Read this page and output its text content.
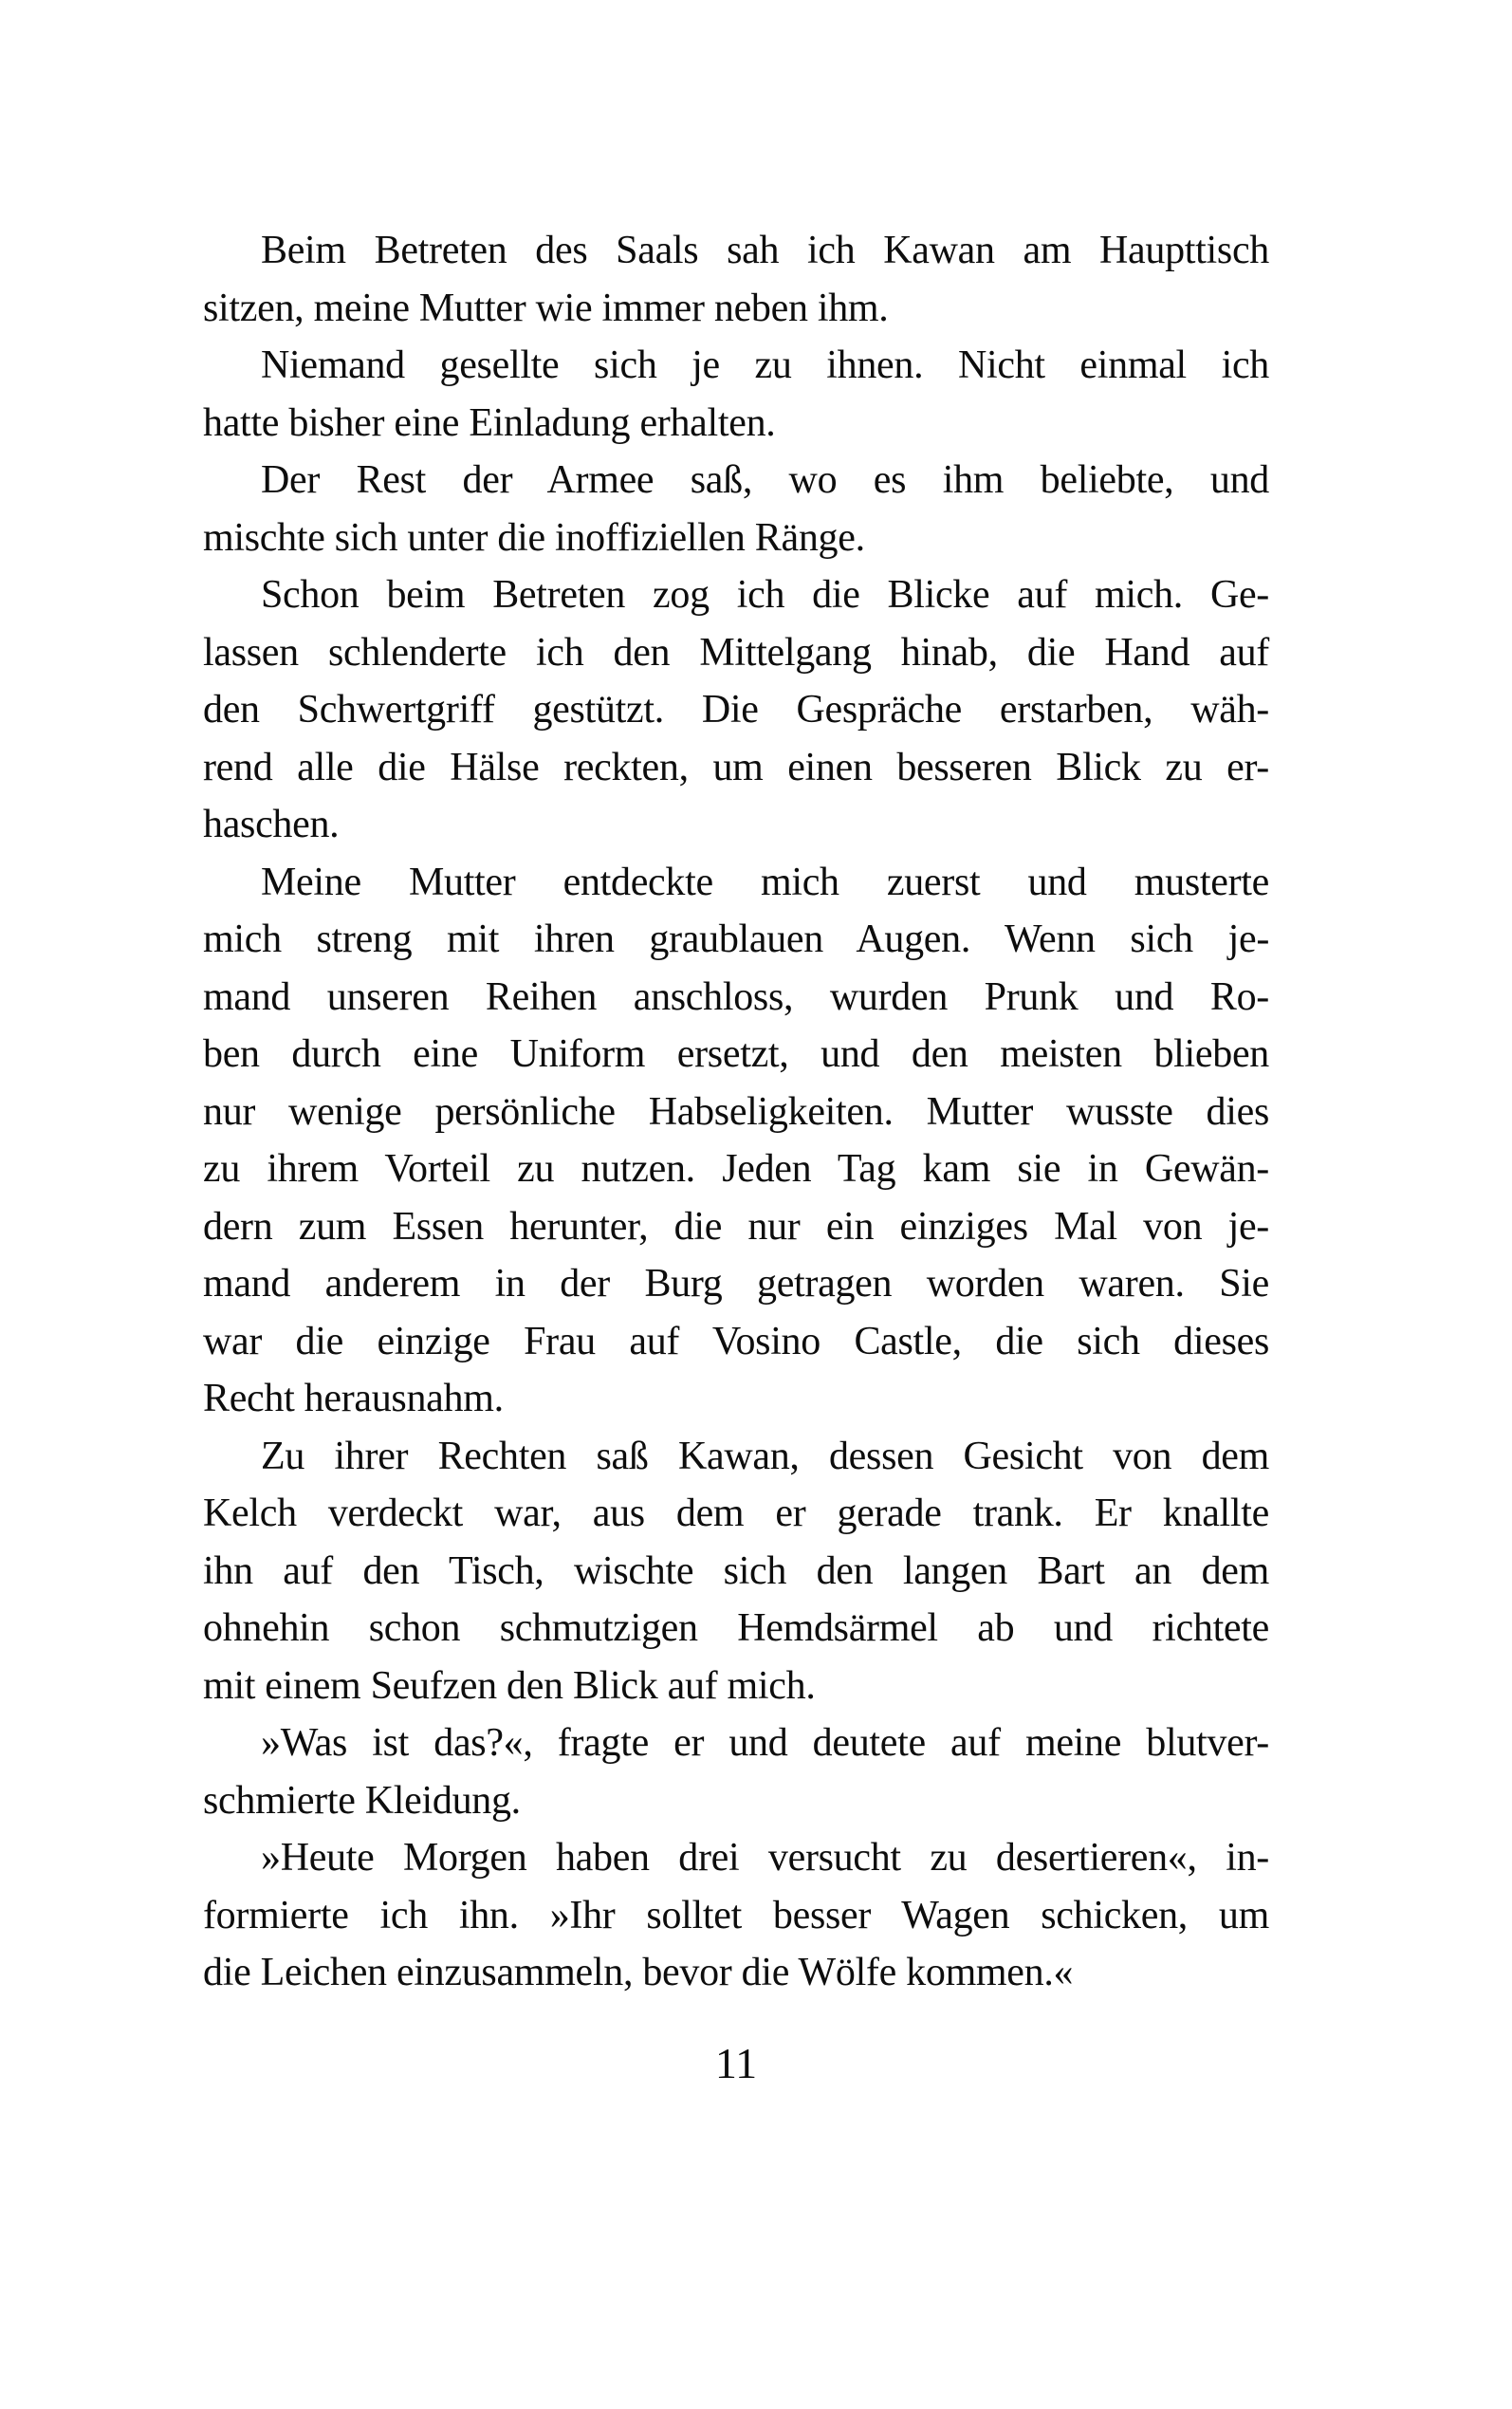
Beim Betreten des Saals sah ich Kawan am Haupttisch
sitzen, meine Mutter wie immer neben ihm.
Niemand gesellte sich je zu ihnen. Nicht einmal ich
hatte bisher eine Einladung erhalten.
Der Rest der Armee saß, wo es ihm beliebte, und
mischte sich unter die inoffiziellen Ränge.
Schon beim Betreten zog ich die Blicke auf mich. Ge-
lassen schlenderte ich den Mittelgang hinab, die Hand auf
den Schwertgriff gestützt. Die Gespräche erstarben, wäh-
rend alle die Hälse reckten, um einen besseren Blick zu er-
haschen.
Meine Mutter entdeckte mich zuerst und musterte
mich streng mit ihren graublauen Augen. Wenn sich je-
mand unseren Reihen anschloss, wurden Prunk und Ro-
ben durch eine Uniform ersetzt, und den meisten blieben
nur wenige persönliche Habseligkeiten. Mutter wusste dies
zu ihrem Vorteil zu nutzen. Jeden Tag kam sie in Gewän-
dern zum Essen herunter, die nur ein einziges Mal von je-
mand anderem in der Burg getragen worden waren. Sie
war die einzige Frau auf Vosino Castle, die sich dieses
Recht herausnahm.
Zu ihrer Rechten saß Kawan, dessen Gesicht von dem
Kelch verdeckt war, aus dem er gerade trank. Er knallte
ihn auf den Tisch, wischte sich den langen Bart an dem
ohnehin schon schmutzigen Hemdsärmel ab und richtete
mit einem Seufzen den Blick auf mich.
»Was ist das?«, fragte er und deutete auf meine blutver-
schmierte Kleidung.
»Heute Morgen haben drei versucht zu desertieren«, in-
formierte ich ihn. »Ihr solltet besser Wagen schicken, um
die Leichen einzusammeln, bevor die Wölfe kommen.«
11
